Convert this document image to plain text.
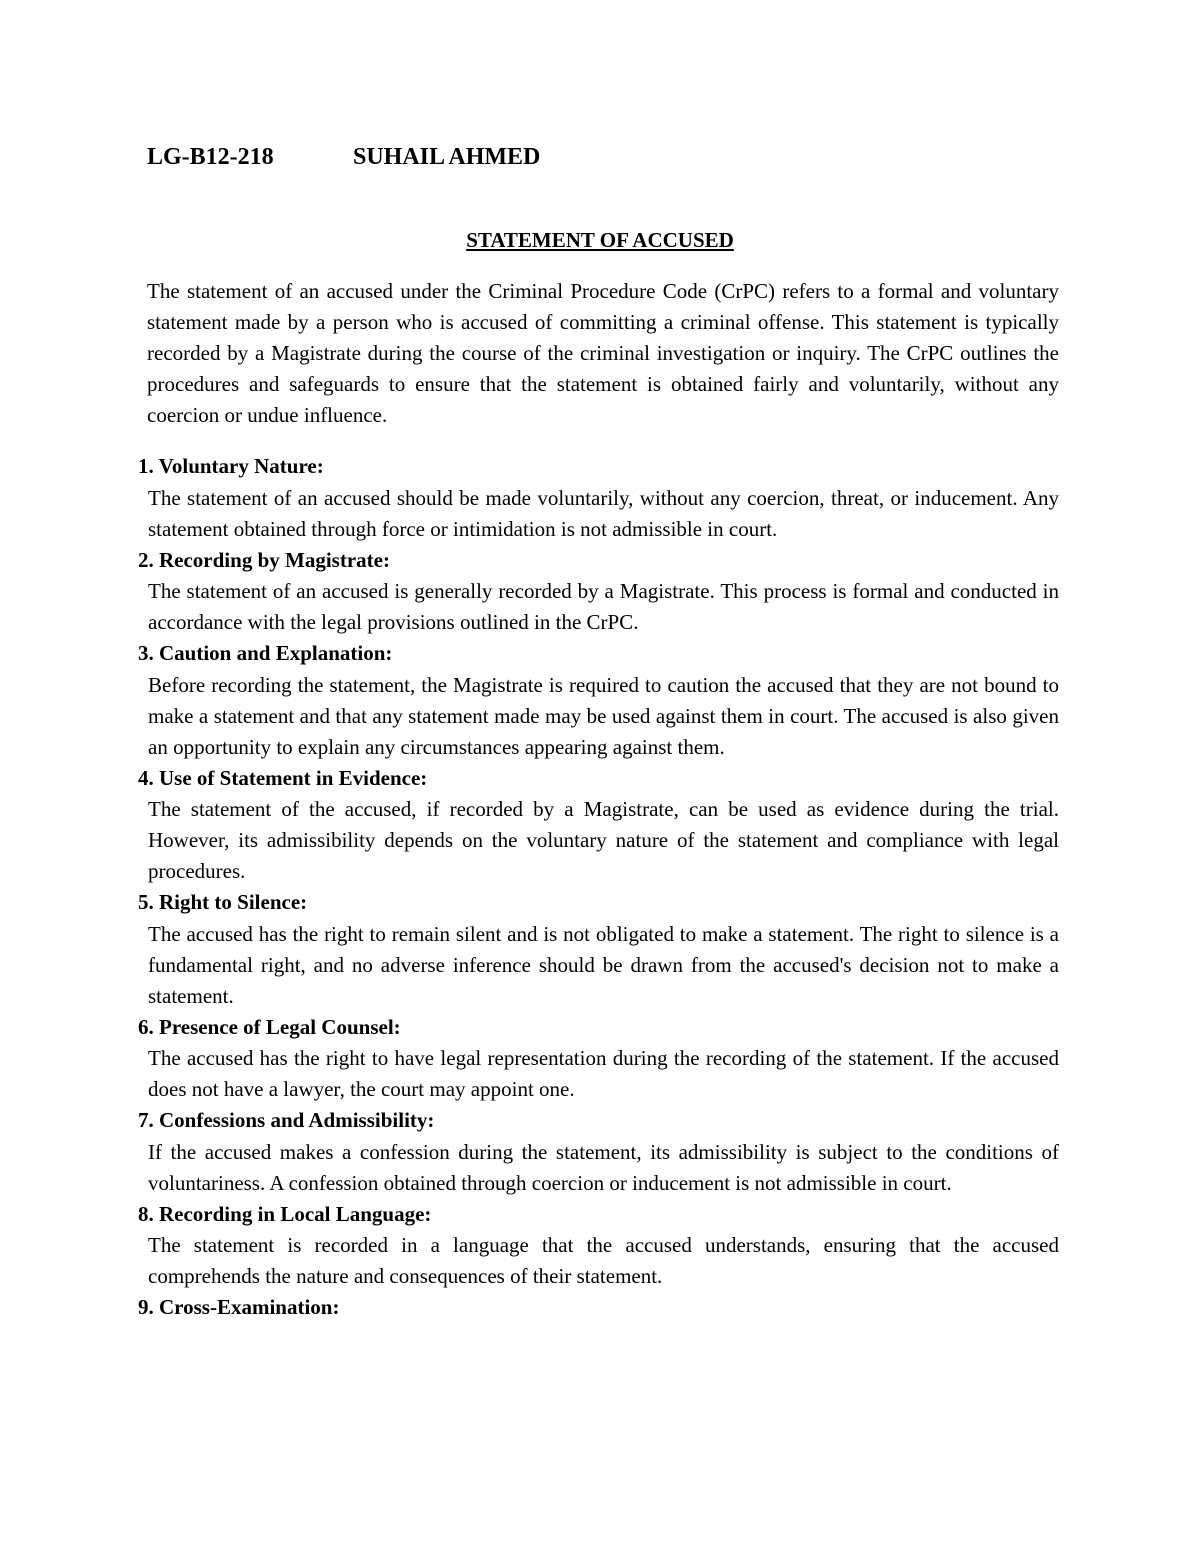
LG-B12-218	SUHAIL AHMED
STATEMENT OF ACCUSED

The statement of an accused under the Criminal Procedure Code (CrPC) refers to a formal and voluntary statement made by a person who is accused of committing a criminal offense. This statement is typically recorded by a Magistrate during the course of the criminal investigation or inquiry. The CrPC outlines the procedures and safeguards to ensure that the statement is obtained fairly and voluntarily, without any coercion or undue influence.

1. Voluntary Nature:

The statement of an accused should be made voluntarily, without any coercion, threat, or inducement. Any statement obtained through force or intimidation is not admissible in court.

2. Recording by Magistrate:

The statement of an accused is generally recorded by a Magistrate. This process is formal and conducted in accordance with the legal provisions outlined in the CrPC.

3. Caution and Explanation:

Before recording the statement, the Magistrate is required to caution the accused that they are not bound to make a statement and that any statement made may be used against them in court. The accused is also given an opportunity to explain any circumstances appearing against them.

4. Use of Statement in Evidence:

The statement of the accused, if recorded by a Magistrate, can be used as evidence during the trial. However, its admissibility depends on the voluntary nature of the statement and compliance with legal procedures.

5. Right to Silence:

The accused has the right to remain silent and is not obligated to make a statement. The right to silence is a fundamental right, and no adverse inference should be drawn from the accused's decision not to make a statement.

6. Presence of Legal Counsel:

The accused has the right to have legal representation during the recording of the statement. If the accused does not have a lawyer, the court may appoint one.

7. Confessions and Admissibility:

If the accused makes a confession during the statement, its admissibility is subject to the conditions of voluntariness. A confession obtained through coercion or inducement is not admissible in court.

8. Recording in Local Language:

The statement is recorded in a language that the accused understands, ensuring that the accused comprehends the nature and consequences of their statement.

9. Cross-Examination:
